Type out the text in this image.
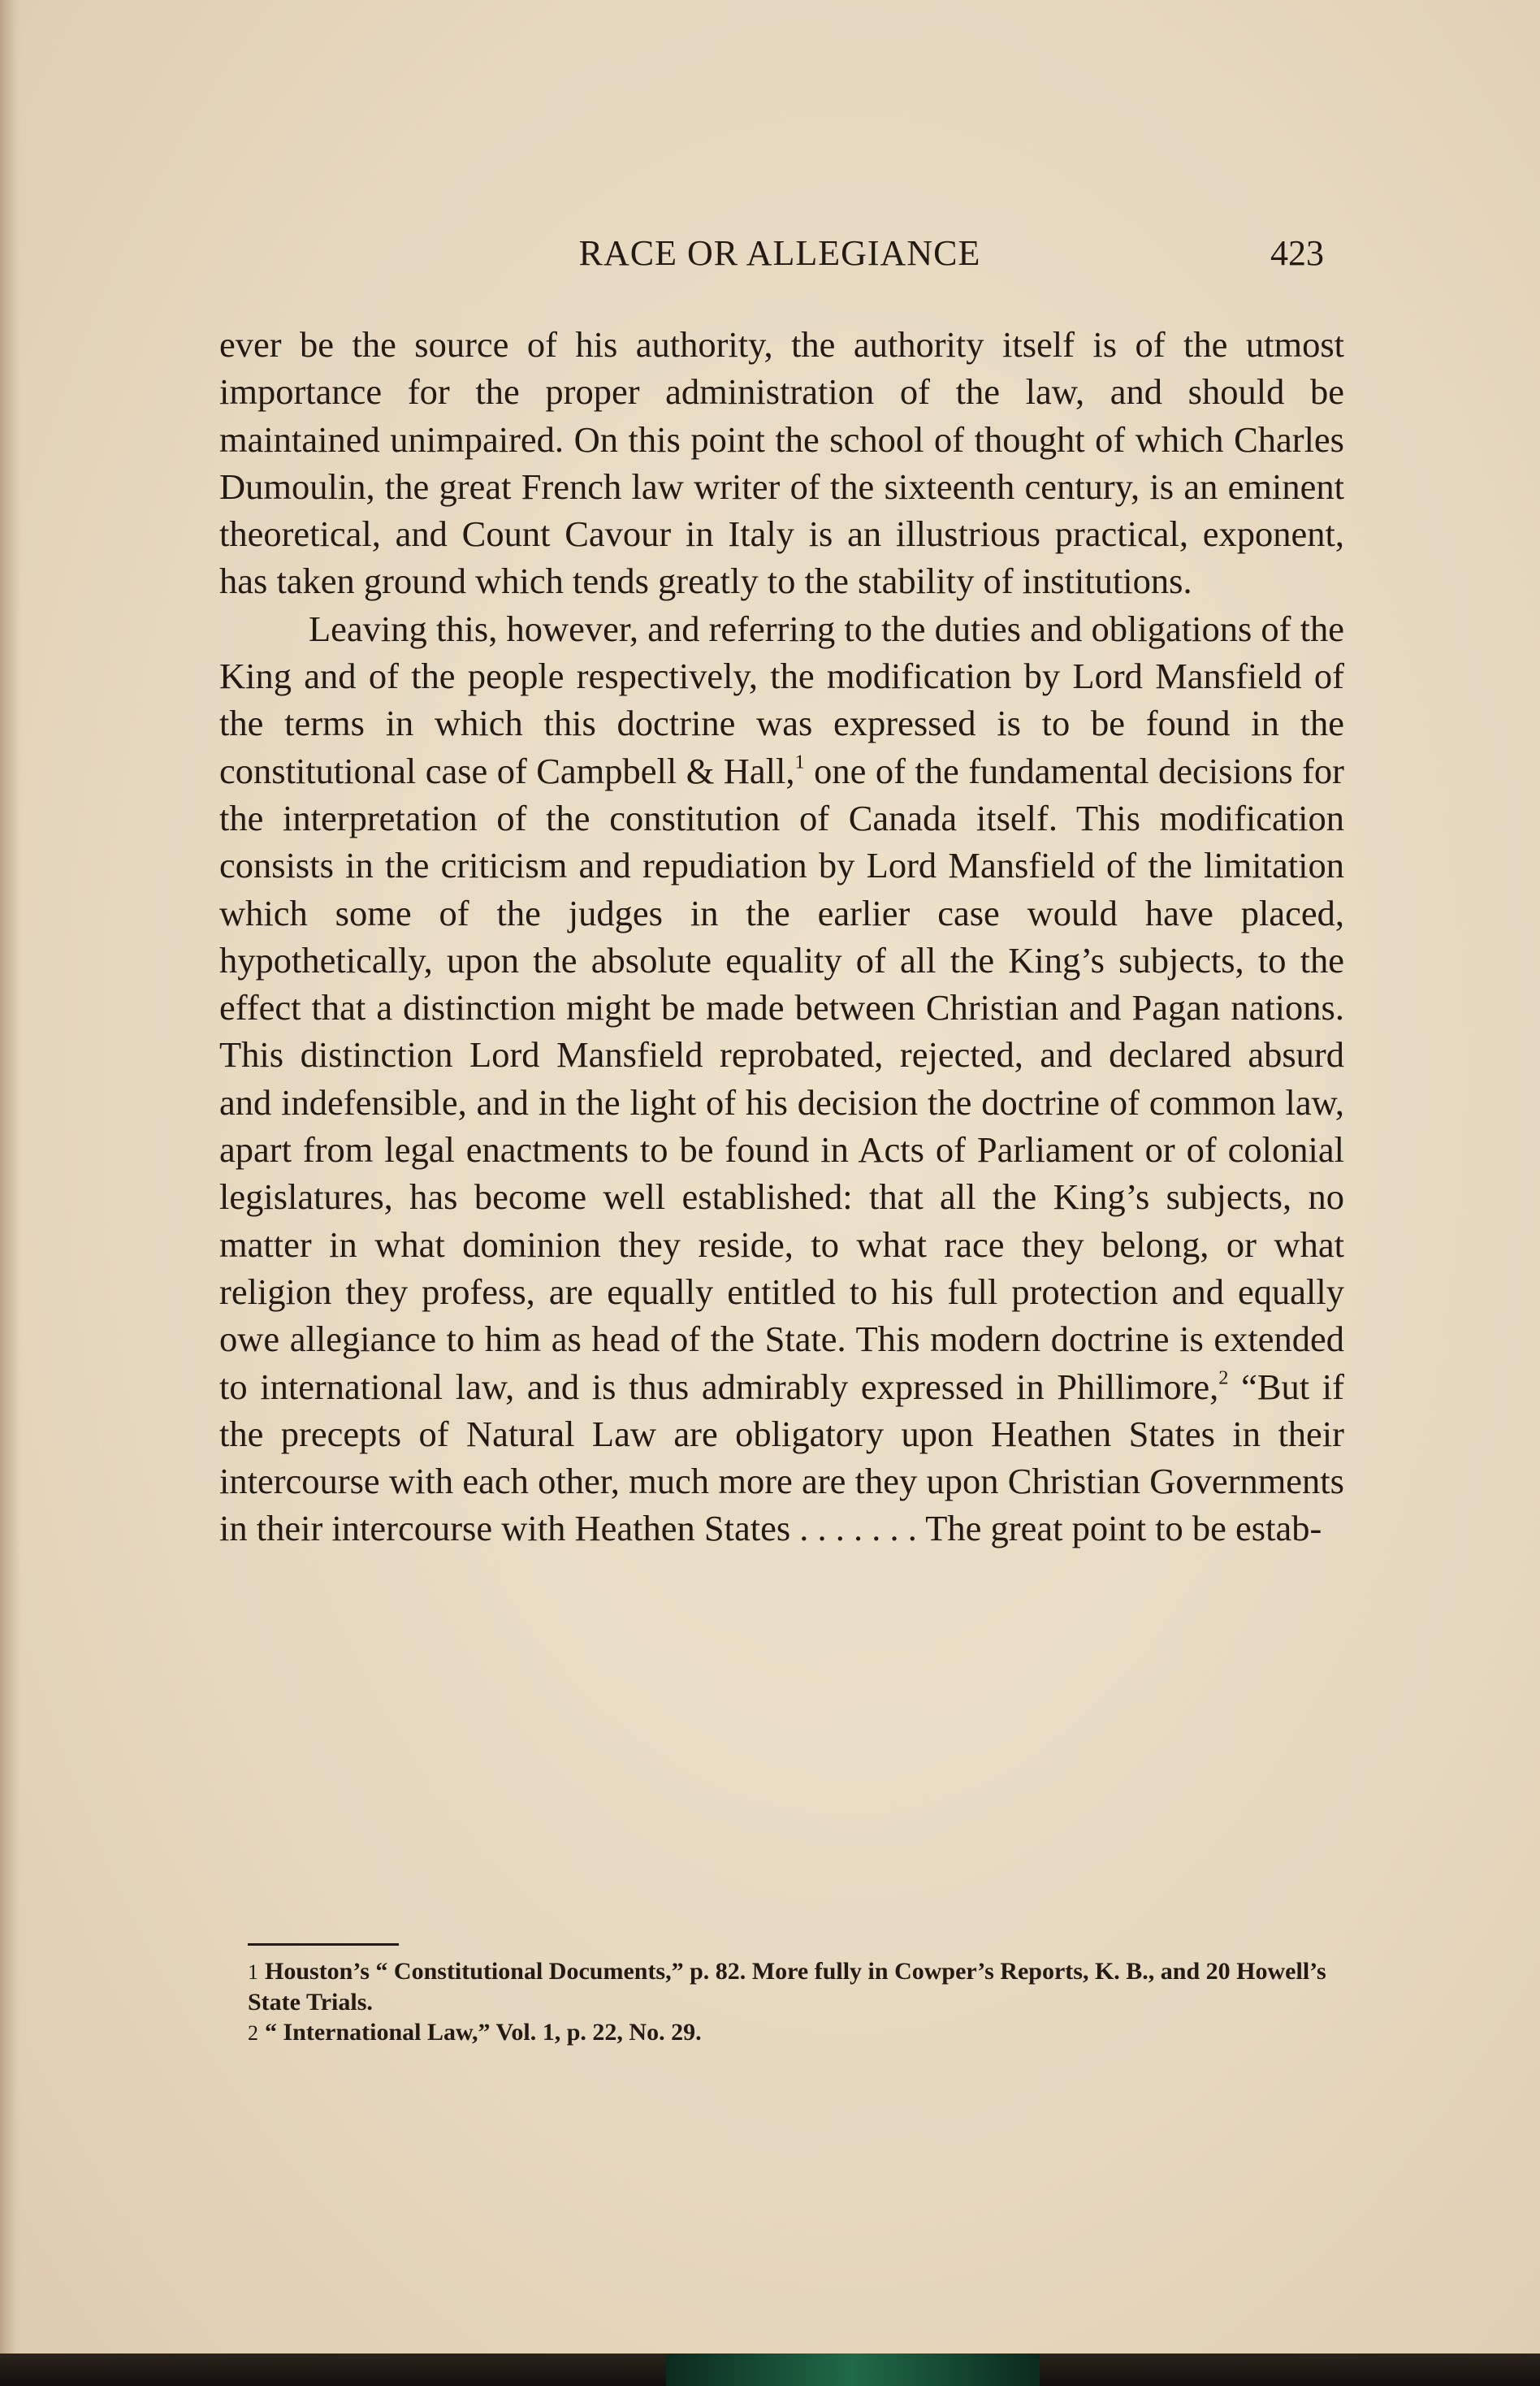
RACE OR ALLEGIANCE	423

ever be the source of his authority, the authority itself is of the utmost importance for the proper administration of the law, and should be maintained unimpaired. On this point the school of thought of which Charles Dumoulin, the great French law writer of the sixteenth century, is an eminent theoretical, and Count Cavour in Italy is an illustrious practical, exponent, has taken ground which tends greatly to the stability of institutions.

Leaving this, however, and referring to the duties and obligations of the King and of the people respectively, the modification by Lord Mansfield of the terms in which this doctrine was expressed is to be found in the constitutional case of Campbell & Hall,$^1$ one of the fundamental decisions for the interpretation of the constitution of Canada itself. This modification consists in the criticism and repudiation by Lord Mansfield of the limitation which some of the judges in the earlier case would have placed, hypothetically, upon the absolute equality of all the King’s subjects, to the effect that a distinction might be made between Christian and Pagan nations. This distinction Lord Mansfield reprobated, rejected, and declared absurd and indefensible, and in the light of his decision the doctrine of common law, apart from legal enactments to be found in Acts of Parliament or of colonial legislatures, has become well established: that all the King’s subjects, no matter in what dominion they reside, to what race they belong, or what religion they profess, are equally entitled to his full protection and equally owe allegiance to him as head of the State. This modern doctrine is extended to international law, and is thus admirably expressed in Phillimore,$^2$ “But if the precepts of Natural Law are obligatory upon Heathen States in their intercourse with each other, much more are they upon Christian Governments in their intercourse with Heathen States . . . . . . . The great point to be estab-

1 Houston’s “ Constitutional Documents,” p. 82. More fully in Cowper’s Reports, K. B., and 20 Howell’s State Trials.
2 “ International Law,” Vol. 1, p. 22, No. 29.
